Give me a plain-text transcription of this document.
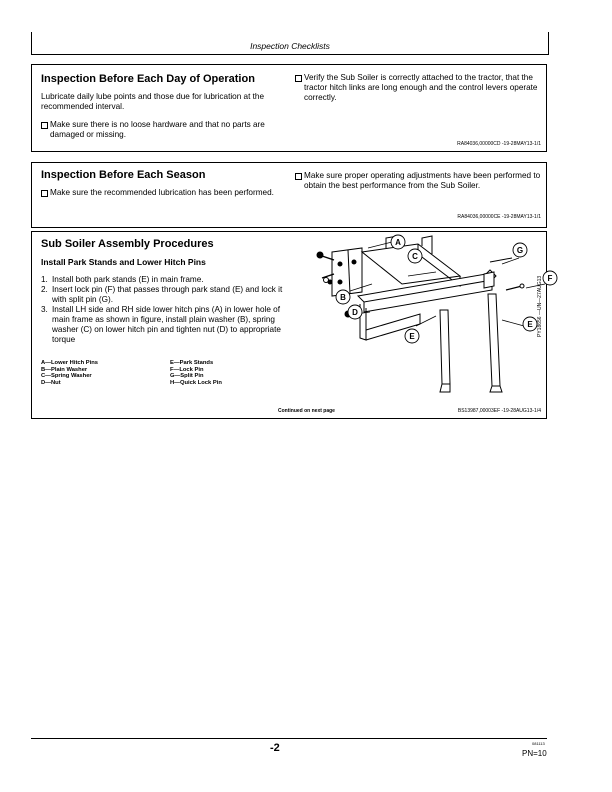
Inspection Checklists
Inspection Before Each Day of Operation
Lubricate daily lube points and those due for lubrication at the recommended interval.
Make sure there is no loose hardware and that no parts are damaged or missing.
Verify the Sub Soiler is correctly attached to the tractor, that the tractor hitch links are long enough and the control levers operate correctly.
RA84036,00000CD -19-28MAY13-1/1
Inspection Before Each Season
Make sure the recommended lubrication has been performed.
Make sure proper operating adjustments have been performed to obtain the best performance from the Sub Soiler.
RA84036,00000CE -19-28MAY13-1/1
Sub Soiler Assembly Procedures
Install Park Stands and Lower Hitch Pins
1. Install both park stands (E) in main frame.
2. Insert lock pin (F) that passes through park stand (E) and lock it with split pin (G).
3. Install LH side and RH side lower hitch pins (A) in lower hole of main frame as shown in figure, install plain washer (B), spring washer (C) on lower hitch pin and tighten nut (D) to appropriate torque
A—Lower Hitch Pins
B—Plain Washer
C—Spring Washer
D—Nut
E—Park Stands
F—Lock Pin
G—Split Pin
H—Quick Lock Pin
Continued on next page	BS13987,00003EF -19-28AUG13-1/4
A
C
B
D
E
G
F
E PY18656 —UN—27AUG13
-2	081113
PN=10
